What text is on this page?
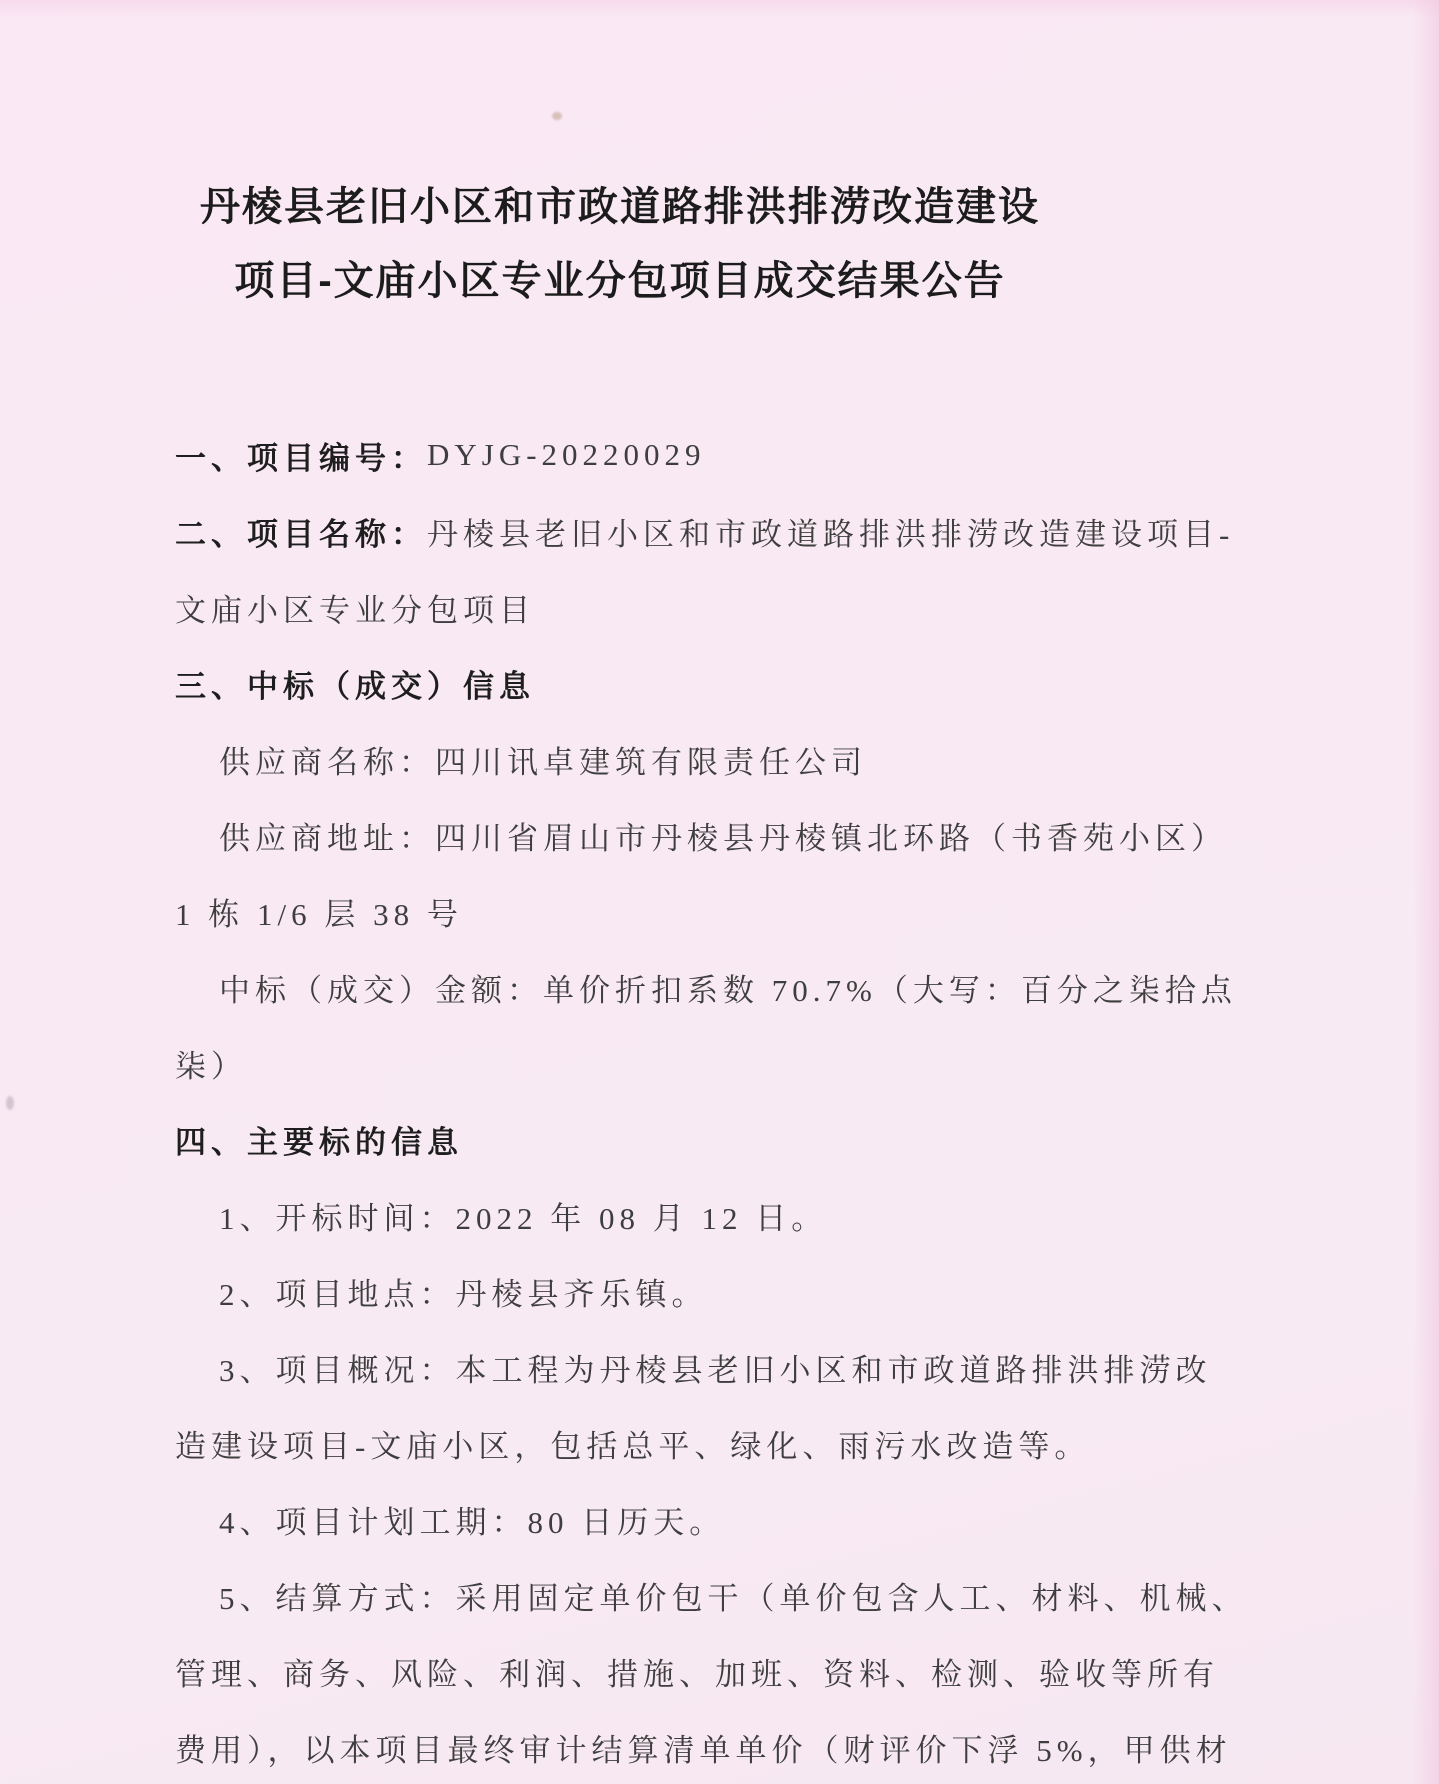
丹棱县老旧小区和市政道路排洪排涝改造建设
项目-文庙小区专业分包项目成交结果公告
一、项目编号： DYJG-20220029
二、项目名称： 丹棱县老旧小区和市政道路排洪排涝改造建设项目-
文庙小区专业分包项目
三、中标（成交）信息
供应商名称：四川讯卓建筑有限责任公司
供应商地址：四川省眉山市丹棱县丹棱镇北环路（书香苑小区）
1 栋 1/6 层 38 号
中标（成交）金额：单价折扣系数 70.7%（大写：百分之柒拾点
柒）
四、主要标的信息
1、开标时间：2022 年 08 月 12 日。
2、项目地点：丹棱县齐乐镇。
3、项目概况：本工程为丹棱县老旧小区和市政道路排洪排涝改
造建设项目-文庙小区，包括总平、绿化、雨污水改造等。
4、项目计划工期：80 日历天。
5、结算方式：采用固定单价包干（单价包含人工、材料、机械、
管理、商务、风险、利润、措施、加班、资料、检测、验收等所有
费用），以本项目最终审计结算清单单价（财评价下浮 5%，甲供材
